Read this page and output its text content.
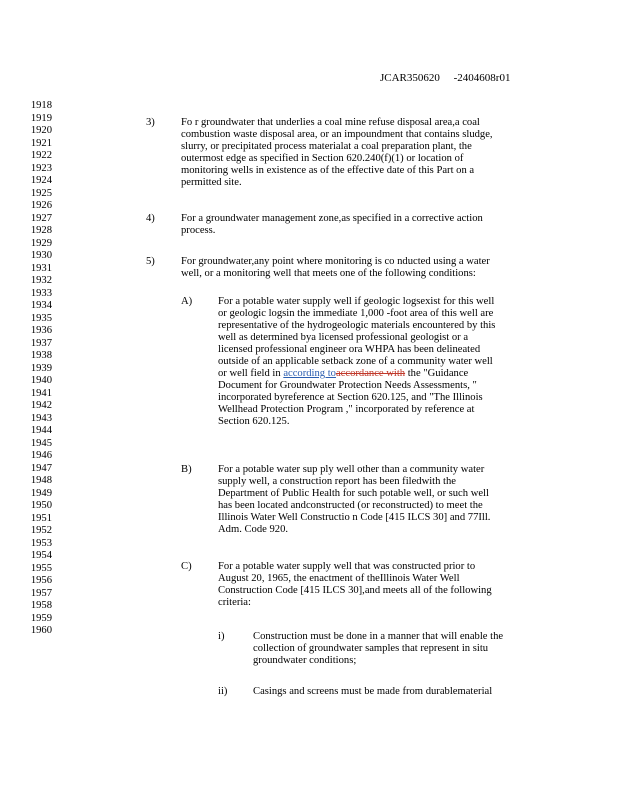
JCAR350620     -2404608r01
1918
1919
1920
1921
1922
1923
1924
1925
1926
1927
1928
1929
1930
1931
1932
1933
1934
1935
1936
1937
1938
1939
1940
1941
1942
1943
1944
1945
1946
1947
1948
1949
1950
1951
1952
1953
1954
1955
1956
1957
1958
1959
1960
3) Fo r groundwater that underlies a coal mine refuse disposal area,a coal
combustion waste disposal area, or an impoundment that contains sludge,
slurry, or precipitated process materialat a coal preparation plant, the
outermost edge as specified in Section 620.240(f)(1) or location of
monitoring wells in existence as of the effective date of this Part on a
permitted site.
4) For a groundwater management zone,as specified in a corrective action
process.
5) For groundwater,any point where monitoring is co nducted using a water
well, or a monitoring well that meets one of the following conditions:
A) For a potable water supply well if geologic logsexist for this well
or geologic logsin the immediate 1,000 -foot area of this well are
representative of the hydrogeologic materials encountered by this
well as determined bya licensed professional geologist or a
licensed professional engineer ora WHPA has been delineated
outside of an applicable setback zone of a community water well
or well field in according toaccordance with the "Guidance
Document for Groundwater Protection Needs Assessments, "
incorporated byreference at Section 620.125, and "The Illinois
Wellhead Protection Program ," incorporated by reference at
Section 620.125.
B) For a potable water sup ply well other than a community water
supply well, a construction report has been filedwith the
Department of Public Health for such potable well, or such well
has been located andconstructed (or reconstructed) to meet the
Illinois Water Well Constructio n Code [415 ILCS 30] and 77Ill.
Adm. Code 920.
C) For a potable water supply well that was constructed prior to
August 20, 1965, the enactment of theIllinois Water Well
Construction Code [415 ILCS 30],and meets all of the following
criteria:
i)	Construction must be done in a manner that will enable the
collection of groundwater samples that represent in situ
groundwater conditions;
ii) Casings and screens must be made from durablematerial
